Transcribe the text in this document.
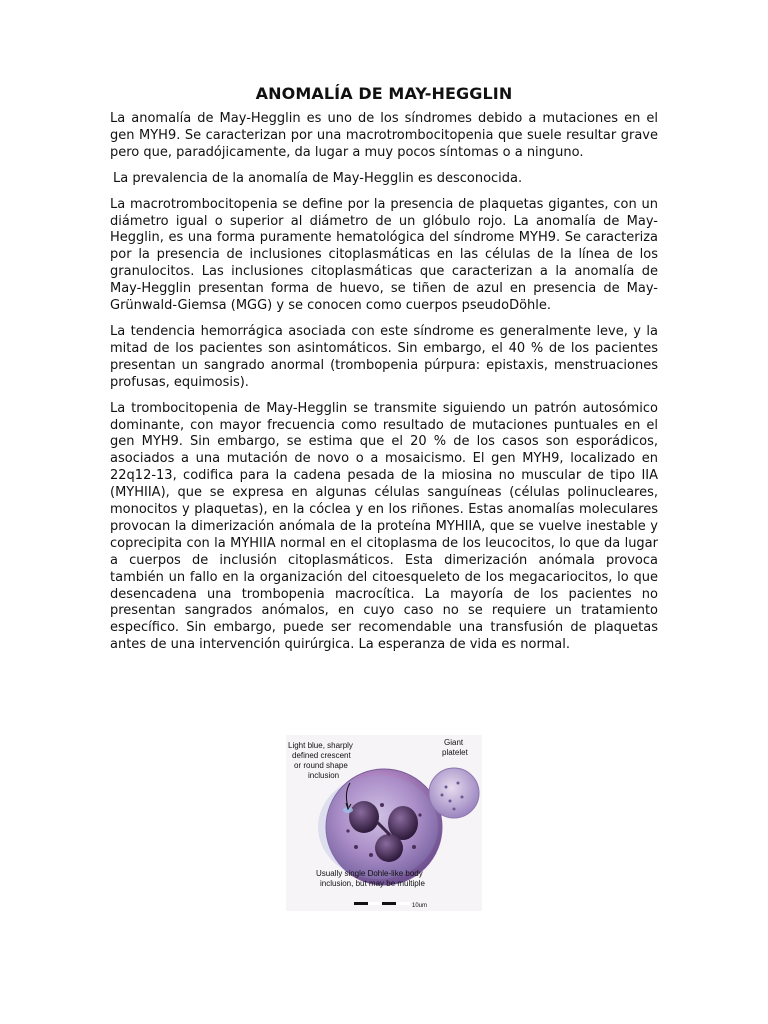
ANOMALÍA DE MAY-HEGGLIN

La anomalía de May-Hegglin es uno de los síndromes debido a mutaciones en el gen MYH9. Se caracterizan por una macrotrombocitopenia que suele resultar grave pero que, paradójicamente, da lugar a muy pocos síntomas o a ninguno.

La prevalencia de la anomalía de May-Hegglin es desconocida.

La macrotrombocitopenia se define por la presencia de plaquetas gigantes, con un diámetro igual o superior al diámetro de un glóbulo rojo. La anomalía de May-Hegglin, es una forma puramente hematológica del síndrome MYH9. Se caracteriza por la presencia de inclusiones citoplasmáticas en las células de la línea de los granulocitos. Las inclusiones citoplasmáticas que caracterizan a la anomalía de May-Hegglin presentan forma de huevo, se tiñen de azul en presencia de May-Grünwald-Giemsa (MGG) y se conocen como cuerpos pseudoDöhle.

La tendencia hemorrágica asociada con este síndrome es generalmente leve, y la mitad de los pacientes son asintomáticos. Sin embargo, el 40 % de los pacientes presentan un sangrado anormal (trombopenia púrpura: epistaxis, menstruaciones profusas, equimosis).

La trombocitopenia de May-Hegglin se transmite siguiendo un patrón autosómico dominante, con mayor frecuencia como resultado de mutaciones puntuales en el gen MYH9. Sin embargo, se estima que el 20 % de los casos son esporádicos, asociados a una mutación de novo o a mosaicismo. El gen MYH9, localizado en 22q12-13, codifica para la cadena pesada de la miosina no muscular de tipo IIA (MYHIIA), que se expresa en algunas células sanguíneas (células polinucleares, monocitos y plaquetas), en la cóclea y en los riñones. Estas anomalías moleculares provocan la dimerización anómala de la proteína MYHIIA, que se vuelve inestable y coprecipita con la MYHIIA normal en el citoplasma de los leucocitos, lo que da lugar a cuerpos de inclusión citoplasmáticos. Esta dimerización anómala provoca también un fallo en la organización del citoesqueleto de los megacariocitos, lo que desencadena una trombopenia macrocítica. La mayoría de los pacientes no presentan sangrados anómalos, en cuyo caso no se requiere un tratamiento específico. Sin embargo, puede ser recomendable una transfusión de plaquetas antes de una intervención quirúrgica. La esperanza de vida es normal.

Light blue, sharply
defined crescent
or round shape
inclusion
Giant
platelet
Usually single Dohle-like body
inclusion, but may be multiple
10um
